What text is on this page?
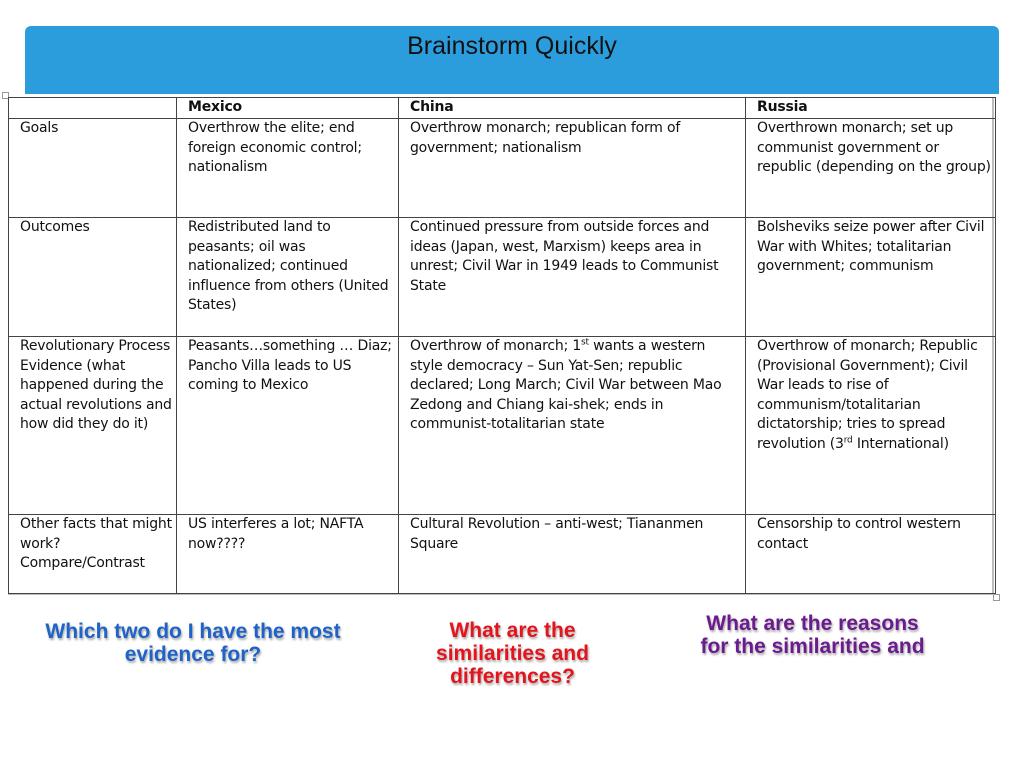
Brainstorm Quickly
	Mexico	China	Russia
Goals	Overthrow the elite; end foreign economic control; nationalism	Overthrow monarch; republican form of government; nationalism	Overthrown monarch; set up communist government or republic (depending on the group)
Outcomes	Redistributed land to peasants; oil was nationalized; continued influence from others (United States)	Continued pressure from outside forces and ideas (Japan, west, Marxism) keeps area in unrest; Civil War in 1949 leads to Communist State	Bolsheviks seize power after Civil War with Whites; totalitarian government; communism
Revolutionary Process Evidence (what happened during the actual revolutions and how did they do it)	Peasants…something … Diaz; Pancho Villa leads to US coming to Mexico	Overthrow of monarch; 1st wants a western style democracy – Sun Yat-Sen; republic declared; Long March; Civil War between Mao Zedong and Chiang kai-shek; ends in communist-totalitarian state	Overthrow of monarch; Republic (Provisional Government); Civil War leads to rise of communism/totalitarian dictatorship; tries to spread revolution (3rd International)
Other facts that might work? Compare/Contrast	US interferes a lot; NAFTA now????	Cultural Revolution – anti-west; Tiananmen Square	Censorship to control western contact
Which two do I have the most evidence for?
What are the similarities and differences?
What are the reasons for the similarities and
